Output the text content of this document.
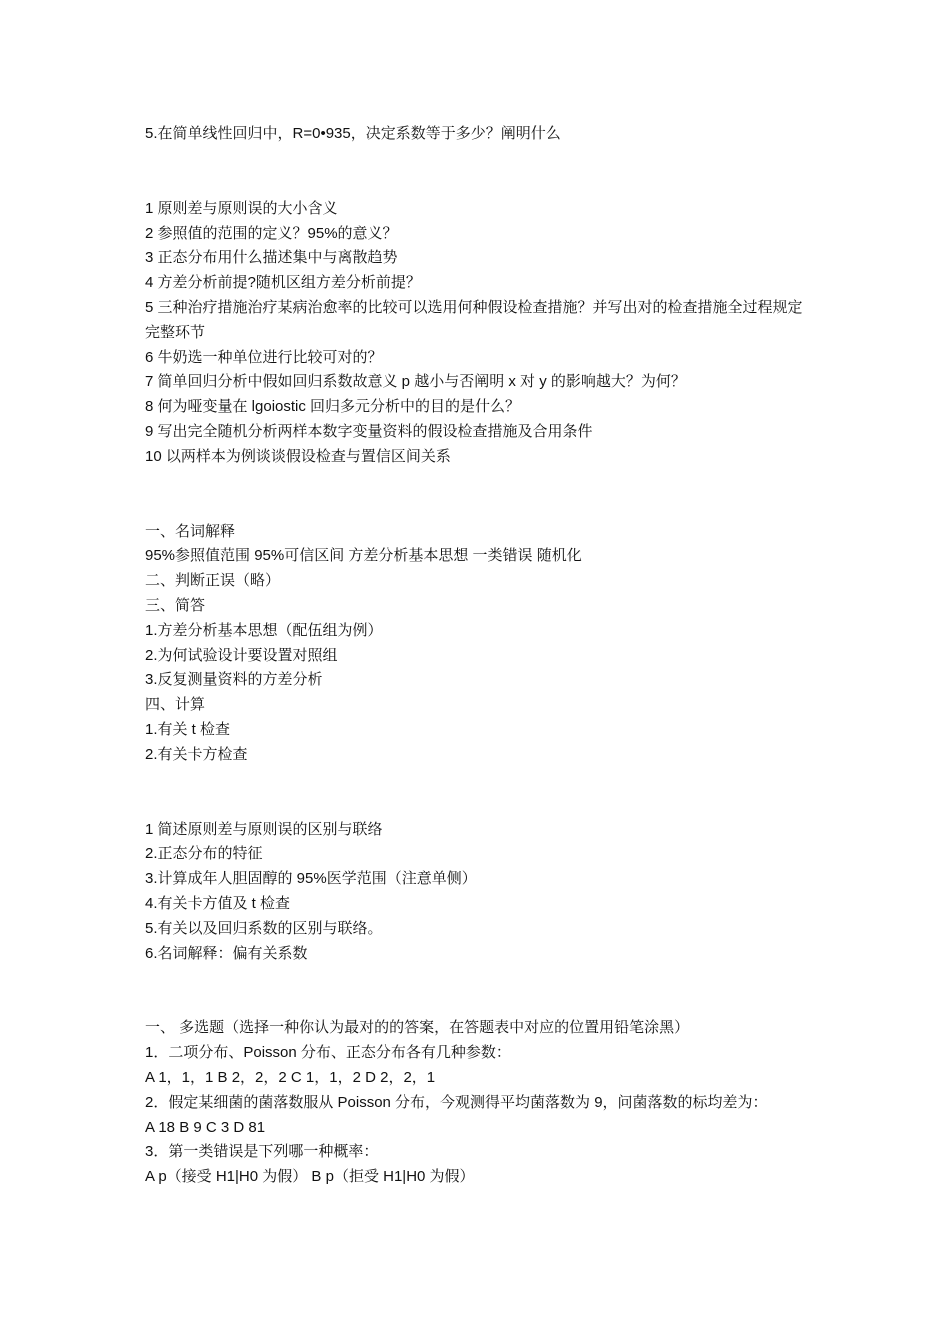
5.在简单线性回归中，R=0•935，决定系数等于多少？阐明什么

1 原则差与原则误的大小含义

2 参照值的范围的定义？95%的意义？

3 正态分布用什么描述集中与离散趋势

4 方差分析前提?随机区组方差分析前提？

5 三种治疗措施治疗某病治愈率的比较可以选用何种假设检查措施？并写出对的检查措施全过程规定完整环节

6 牛奶选一种单位进行比较可对的？

7 简单回归分析中假如回归系数故意义 p 越小与否阐明 x 对 y 的影响越大？为何？

8 何为哑变量在 lgoiostic 回归多元分析中的目的是什么？

9 写出完全随机分析两样本数字变量资料的假设检查措施及合用条件

10 以两样本为例谈谈假设检查与置信区间关系

一、名词解释

95%参照值范围 95%可信区间 方差分析基本思想 一类错误 随机化

二、判断正误（略）

三、简答

1.方差分析基本思想（配伍组为例）

2.为何试验设计要设置对照组

3.反复测量资料的方差分析

四、计算

1.有关 t 检查

2.有关卡方检查

1 简述原则差与原则误的区别与联络

2.正态分布的特征

3.计算成年人胆固醇的 95%医学范围（注意单侧）

4.有关卡方值及 t 检查

5.有关以及回归系数的区别与联络。

6.名词解释：偏有关系数

一、 多选题（选择一种你认为最对的的答案，在答题表中对应的位置用铅笔涂黑）

1．二项分布、Poisson 分布、正态分布各有几种参数：

A 1，1，1 B 2，2，2 C 1，1，2 D 2，2，1

2．假定某细菌的菌落数服从 Poisson 分布，今观测得平均菌落数为 9，问菌落数的标均差为：

A 18 B 9 C 3 D 81

3．第一类错误是下列哪一种概率：

A p（接受 H1|H0 为假） B p（拒受 H1|H0 为假）
